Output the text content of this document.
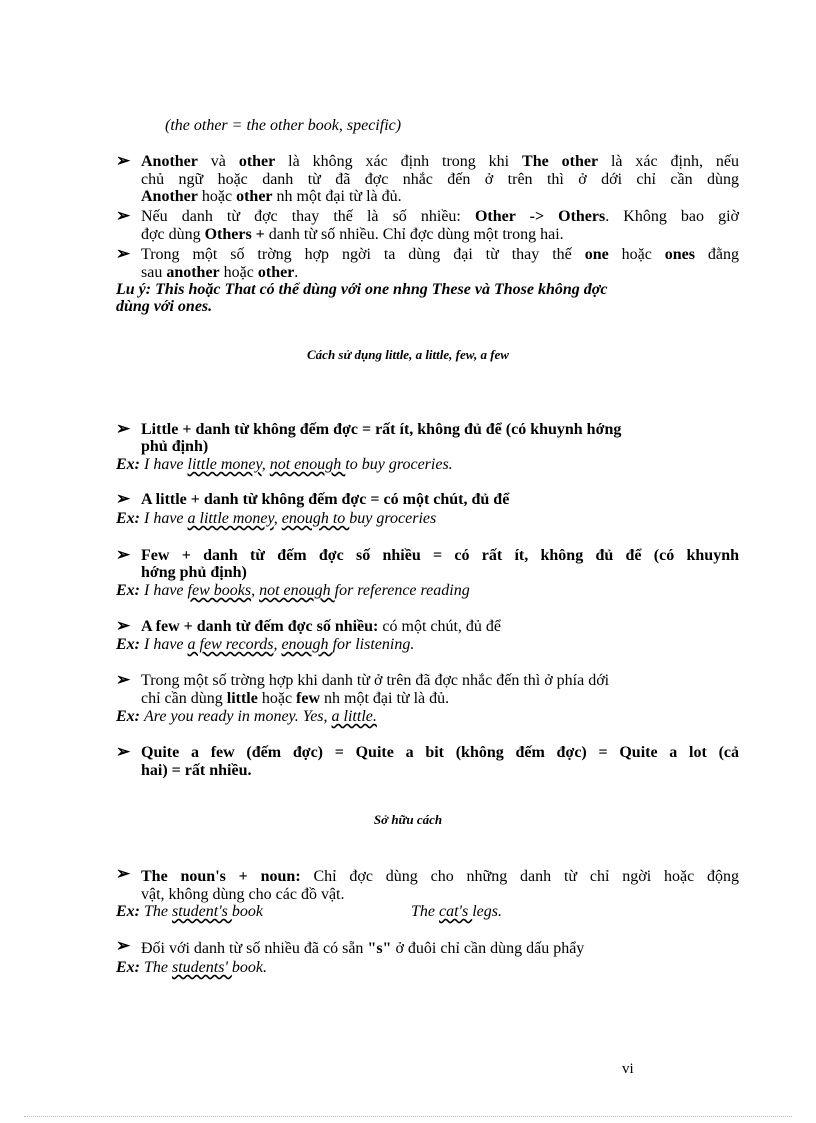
(the other = the other book, specific)
➢ Another và other là không xác định trong khi The other là xác định, nếu
chủ ngữ hoặc danh từ đã đợc nhắc đến ở trên thì ở dới chỉ cần dùng
Another hoặc other nh một đại từ là đủ.
➢ Nếu danh từ đợc thay thế là số nhiều: Other -> Others. Không bao giờ
đợc dùng Others + danh từ số nhiều. Chỉ đợc dùng một trong hai.
➢ Trong một số trờng hợp ngời ta dùng đại từ thay thế one hoặc ones đằng
sau another hoặc other.
Lu ý: This hoặc That có thể dùng với one nhng These và Those không đợc
dùng với ones.
Cách sử dụng little, a little, few, a few
➢ Little + danh từ không đếm đợc = rất ít, không đủ để (có khuynh hớng
phủ định)
Ex: I have little money, not enough to buy groceries.
➢ A little + danh từ không đếm đợc = có một chút, đủ để
Ex: I have a little money, enough to buy groceries
➢ Few + danh từ đếm đợc số nhiều = có rất ít, không đủ để (có khuynh
hớng phủ định)
Ex: I have few books, not enough for reference reading
➢ A few + danh từ đếm đợc số nhiều: có một chút, đủ để
Ex: I have a few records, enough for listening.
➢ Trong một số trờng hợp khi danh từ ở trên đã đợc nhắc đến thì ở phía dới
chỉ cần dùng little hoặc few nh một đại từ là đủ.
Ex: Are you ready in money. Yes, a little.
➢ Quite a few (đếm đợc) = Quite a bit (không đếm đợc) = Quite a lot (cả
hai) = rất nhiều.
Sở hữu cách
➢ The noun's + noun: Chỉ đợc dùng cho những danh từ chỉ ngời hoặc động
vật, không dùng cho các đồ vật.
Ex: The student's book	The cat's legs.
➢ Đối với danh từ số nhiều đã có sẵn "s" ở đuôi chỉ cần dùng dấu phẩy
Ex: The students' book.
vi
